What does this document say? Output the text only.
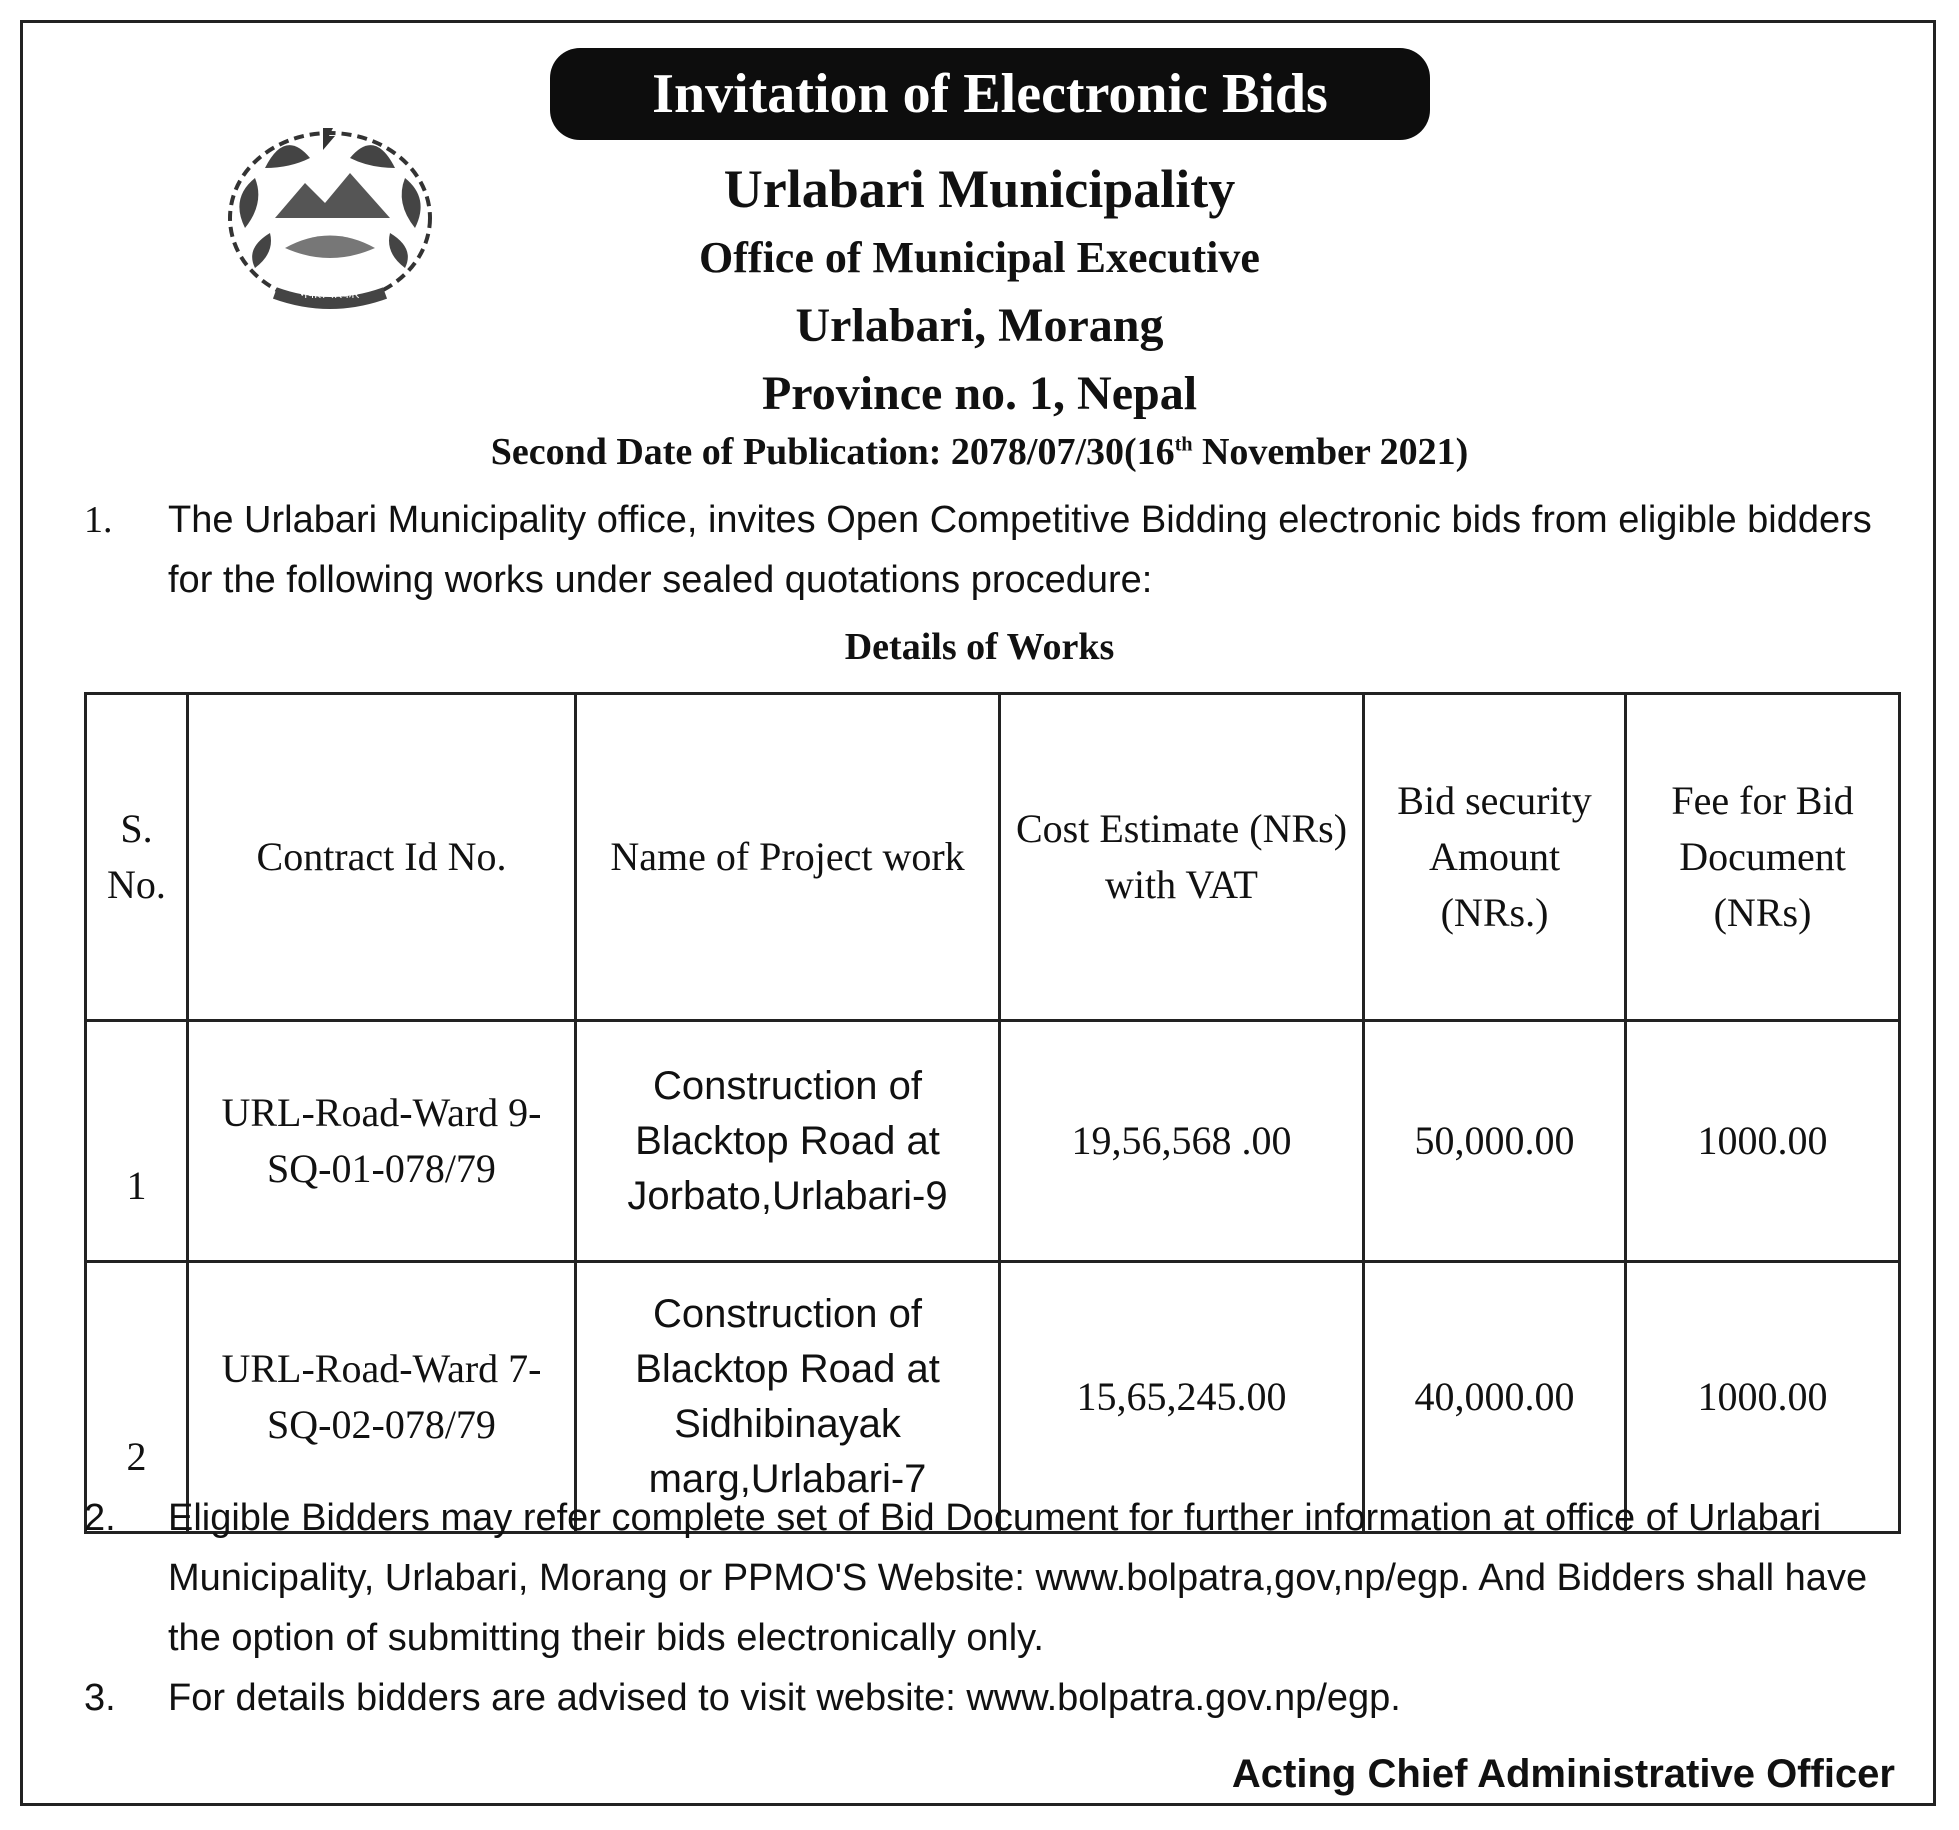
Invitation of Electronic Bids
नेपाल सरकार
Urlabari Municipality
Office of Municipal Executive
Urlabari, Morang
Province no. 1, Nepal
Second Date of Publication: 2078/07/30(16th November 2021)
1.	The Urlabari Municipality office, invites Open Competitive Bidding electronic bids from eligible bidders for the following works under sealed quotations procedure:
Details of Works
S. No.	Contract Id No.	Name of Project work	Cost Estimate (NRs) with VAT	Bid security Amount (NRs.)	Fee for Bid Document (NRs)
1	URL-Road-Ward 9-SQ-01-078/79	Construction of Blacktop Road at Jorbato,Urlabari-9	19,56,568 .00	50,000.00	1000.00
2	URL-Road-Ward 7-SQ-02-078/79	Construction of Blacktop Road at Sidhibinayak marg,Urlabari-7	15,65,245.00	40,000.00	1000.00
2.	Eligible Bidders may refer complete set of Bid Document for further information at office of Urlabari Municipality, Urlabari, Morang or PPMO'S Website: www.bolpatra,gov,np/egp. And Bidders shall have the option of submitting their bids electronically only.
3.	For details bidders are advised to visit website: www.bolpatra.gov.np/egp.
Acting Chief Administrative Officer
